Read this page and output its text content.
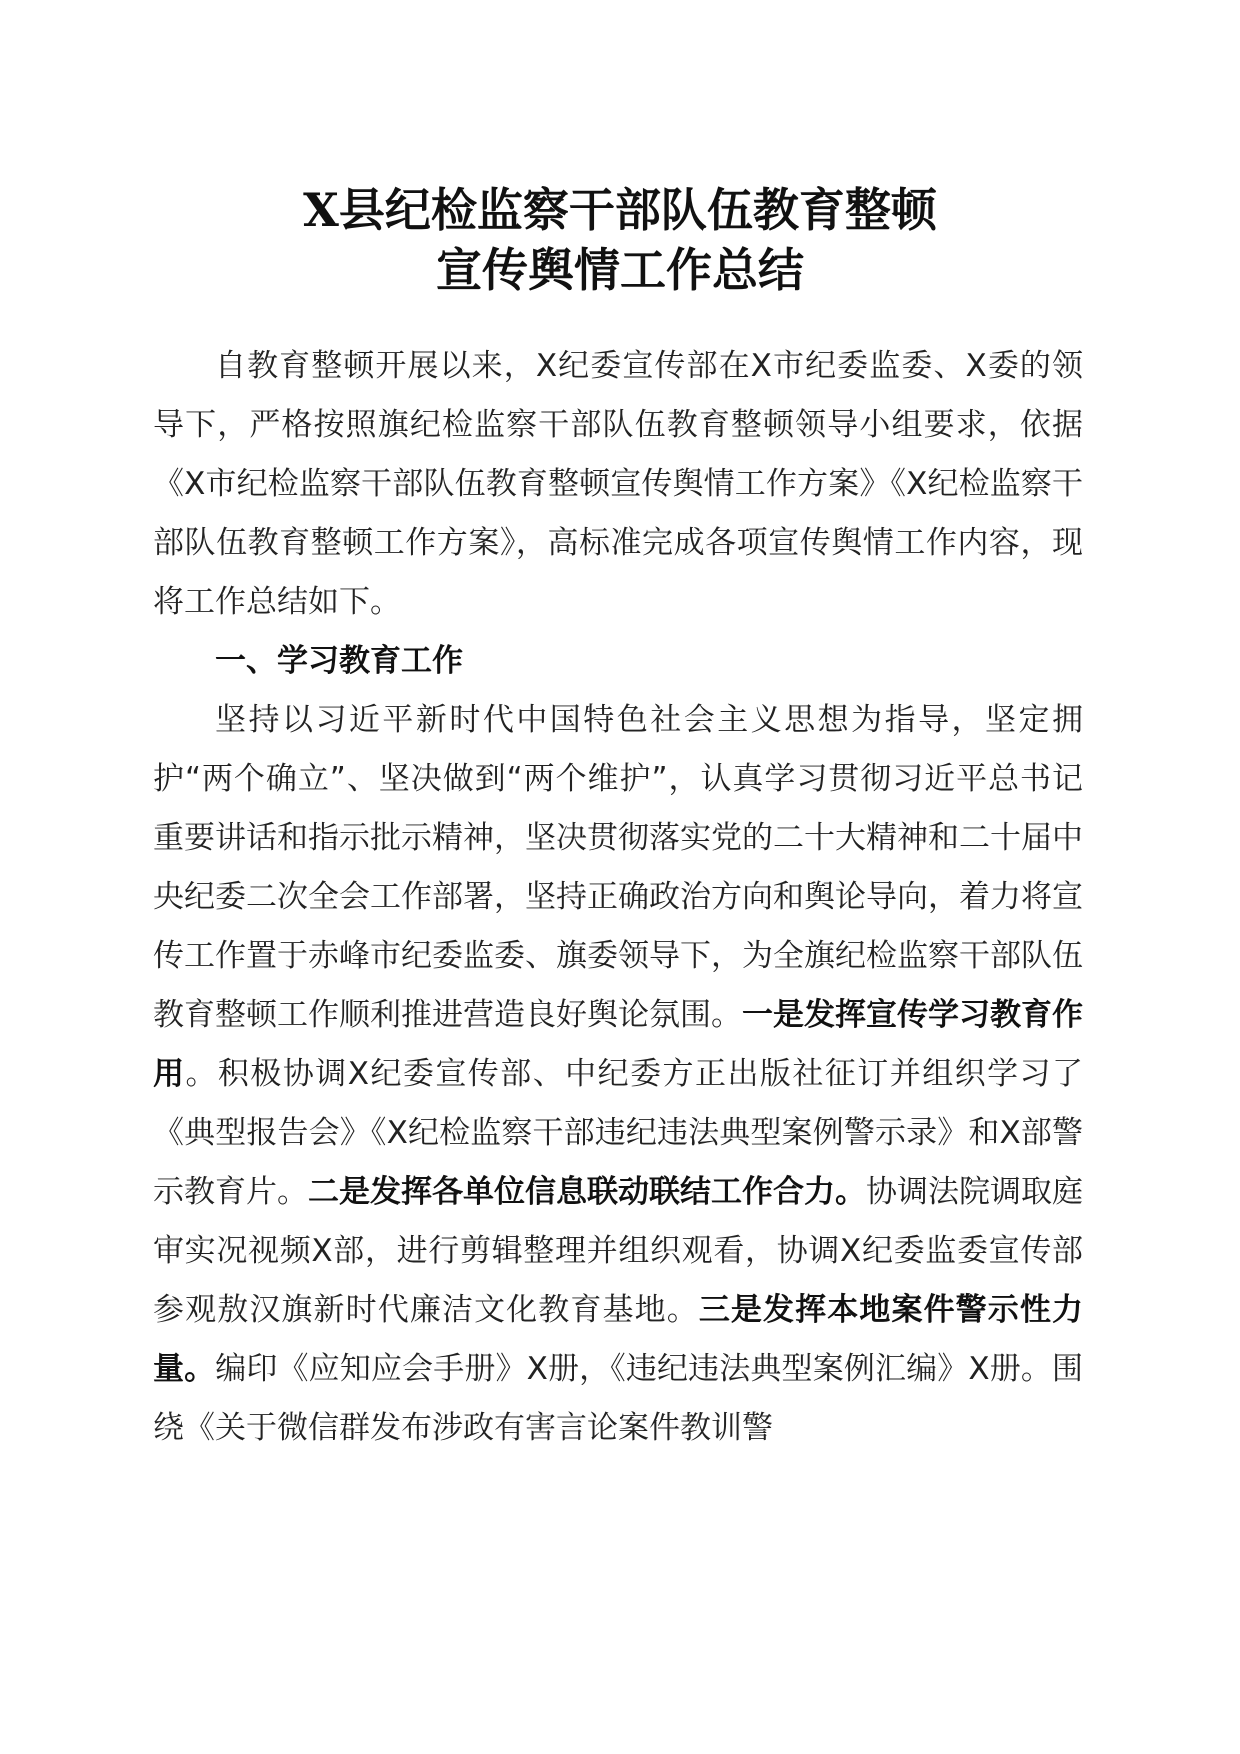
X县纪检监察干部队伍教育整顿
宣传舆情工作总结

自教育整顿开展以来，X纪委宣传部在X市纪委监委、X委的领导下，严格按照旗纪检监察干部队伍教育整顿领导小组要求，依据《X市纪检监察干部队伍教育整顿宣传舆情工作方案》《X纪检监察干部队伍教育整顿工作方案》，高标准完成各项宣传舆情工作内容，现将工作总结如下。

一、学习教育工作

坚持以习近平新时代中国特色社会主义思想为指导，坚定拥护“两个确立”、坚决做到“两个维护”，认真学习贯彻习近平总书记重要讲话和指示批示精神，坚决贯彻落实党的二十大精神和二十届中央纪委二次全会工作部署，坚持正确政治方向和舆论导向，着力将宣传工作置于赤峰市纪委监委、旗委领导下，为全旗纪检监察干部队伍教育整顿工作顺利推进营造良好舆论氛围。一是发挥宣传学习教育作用。积极协调X纪委宣传部、中纪委方正出版社征订并组织学习了《典型报告会》《X纪检监察干部违纪违法典型案例警示录》和X部警示教育片。二是发挥各单位信息联动联结工作合力。协调法院调取庭审实况视频X部，进行剪辑整理并组织观看，协调X纪委监委宣传部参观敖汉旗新时代廉洁文化教育基地。三是发挥本地案件警示性力量。编印《应知应会手册》X册，《违纪违法典型案例汇编》X册。围绕《关于微信群发布涉政有害言论案件教训警
